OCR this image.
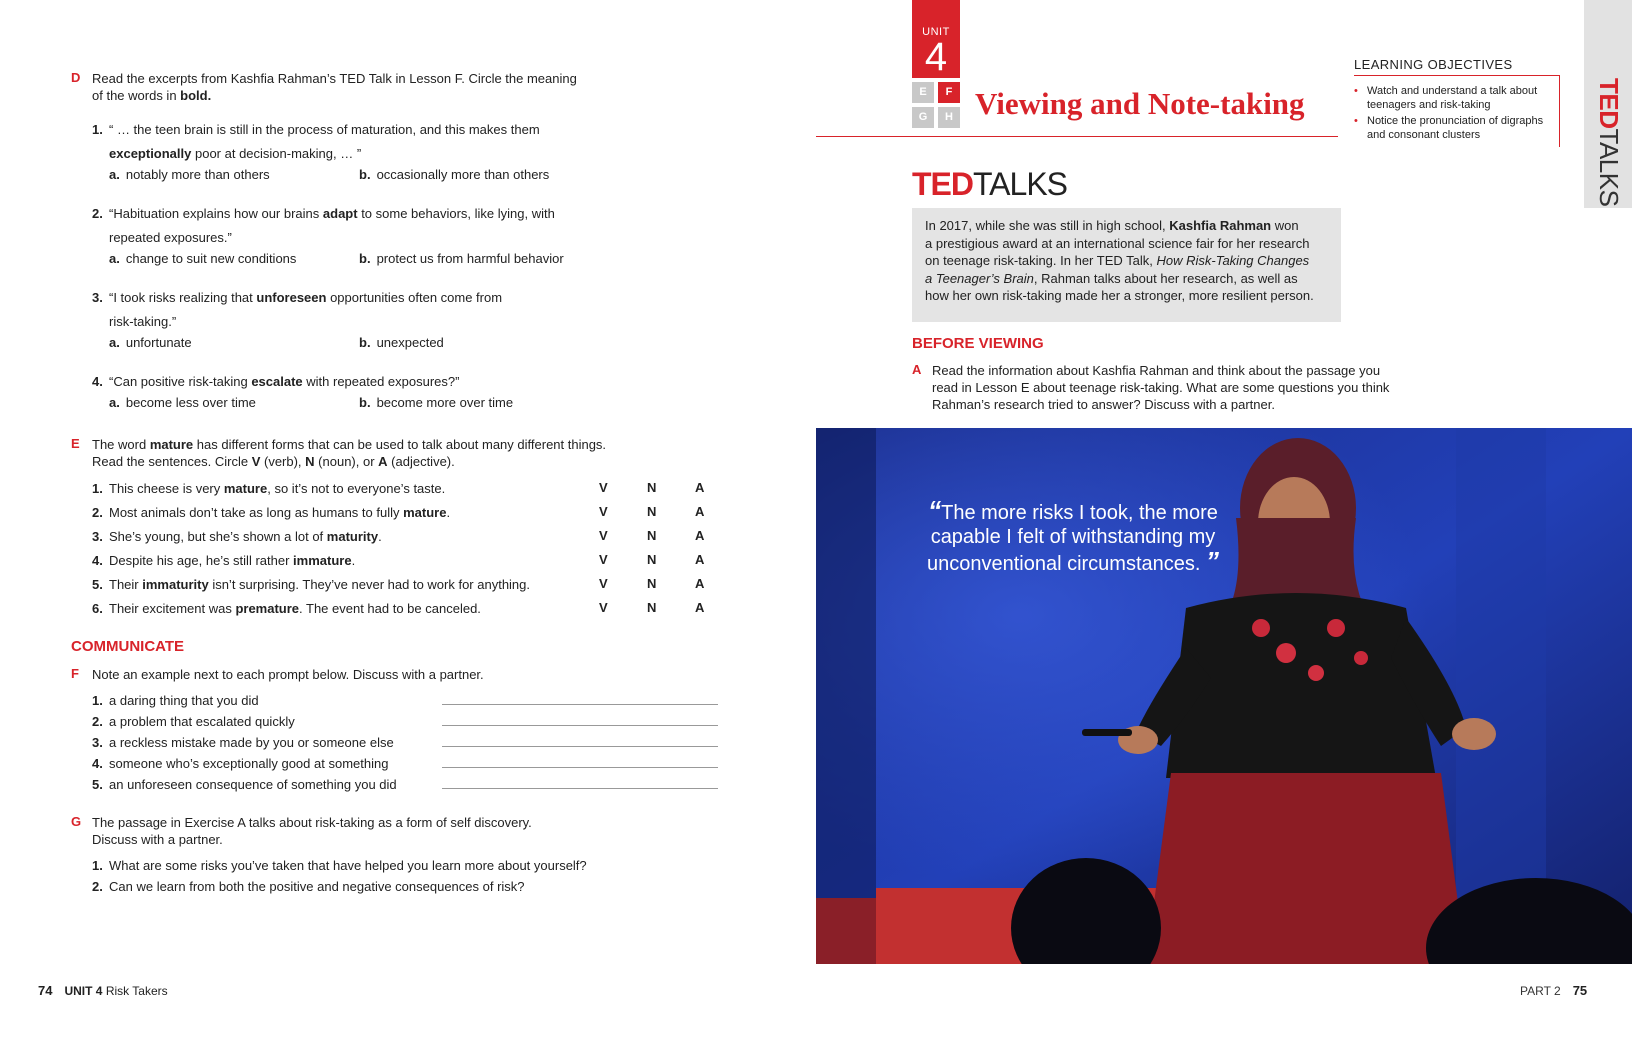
D Read the excerpts from Kashfia Rahman’s TED Talk in Lesson F. Circle the meaning
of the words in bold.
1. “ … the teen brain is still in the process of maturation, and this makes them
exceptionally poor at decision-making, … ”
a. notably more than others	b. occasionally more than others
2. “Habituation explains how our brains adapt to some behaviors, like lying, with
repeated exposures.”
a. change to suit new conditions	b. protect us from harmful behavior
3. “I took risks realizing that unforeseen opportunities often come from
risk-taking.”
a. unfortunate	b. unexpected
4. “Can positive risk-taking escalate with repeated exposures?”
a. become less over time	b. become more over time
E The word mature has different forms that can be used to talk about many different things.
Read the sentences. Circle V (verb), N (noun), or A (adjective).
1. This cheese is very mature, so it’s not to everyone’s taste.	V	N	A
2. Most animals don’t take as long as humans to fully mature.	V	N	A
3. She’s young, but she’s shown a lot of maturity.	V	N	A
4. Despite his age, he’s still rather immature.	V	N	A
5. Their immaturity isn’t surprising. They’ve never had to work for anything.	V	N	A
6. Their excitement was premature. The event had to be canceled.	V	N	A
COMMUNICATE
F Note an example next to each prompt below. Discuss with a partner.
1. a daring thing that you did
2. a problem that escalated quickly
3. a reckless mistake made by you or someone else
4. someone who’s exceptionally good at something
5. an unforeseen consequence of something you did
G The passage in Exercise A talks about risk-taking as a form of self discovery.
Discuss with a partner.
1. What are some risks you’ve taken that have helped you learn more about yourself?
2. Can we learn from both the positive and negative consequences of risk?
74 UNIT 4 Risk Takers
UNIT
4
E	F
G	H Viewing and Note-taking
LEARNING OBJECTIVES
• Watch and understand a talk about
teenagers and risk-taking
• Notice the pronunciation of digraphs
and consonant clusters
TEDTALKS
TEDTALKS
In 2017, while she was still in high school, Kashfia Rahman won
a prestigious award at an international science fair for her research
on teenage risk-taking. In her TED Talk, How Risk-Taking Changes
a Teenager’s Brain, Rahman talks about her research, as well as
how her own risk-taking made her a stronger, more resilient person.
BEFORE VIEWING
A Read the information about Kashfia Rahman and think about the passage you
read in Lesson E about teenage risk-taking. What are some questions you think
Rahman’s research tried to answer? Discuss with a partner.
“The more risks I took, the more
capable I felt of withstanding my
unconventional circumstances. ”
PART 2 75
